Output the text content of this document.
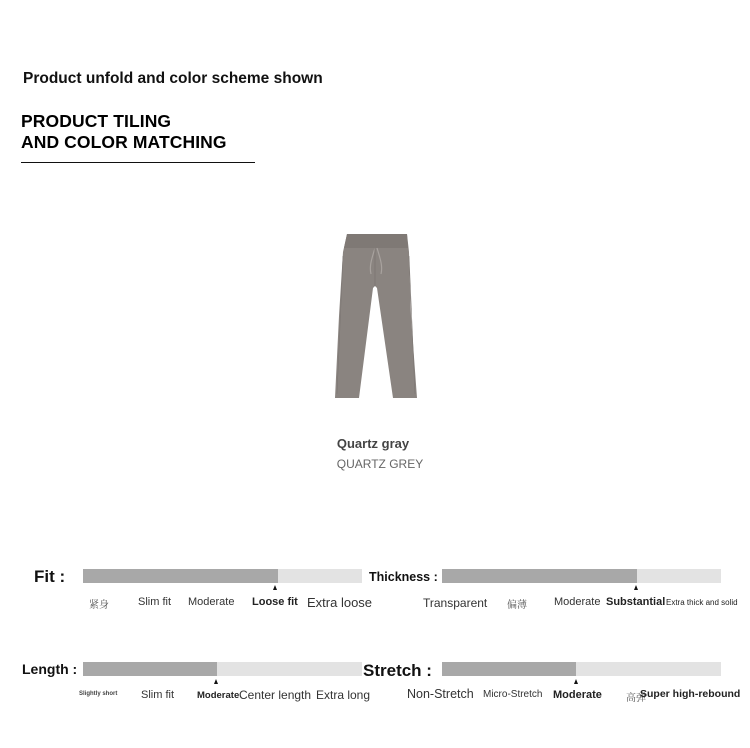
Product unfold and color scheme shown
PRODUCT TILING
AND COLOR MATCHING
Quartz gray
QUARTZ GREY
Fit :
紧身	Slim fit Moderate Loose fit Extra loose
Thickness :
Transparent 偏薄 Moderate Substantial Extra thick and solid
Length :
Slightly short Slim fit Moderate Center length Extra long
Stretch :
Non-Stretch Micro-Stretch Moderate 高弹
Super high-rebound
